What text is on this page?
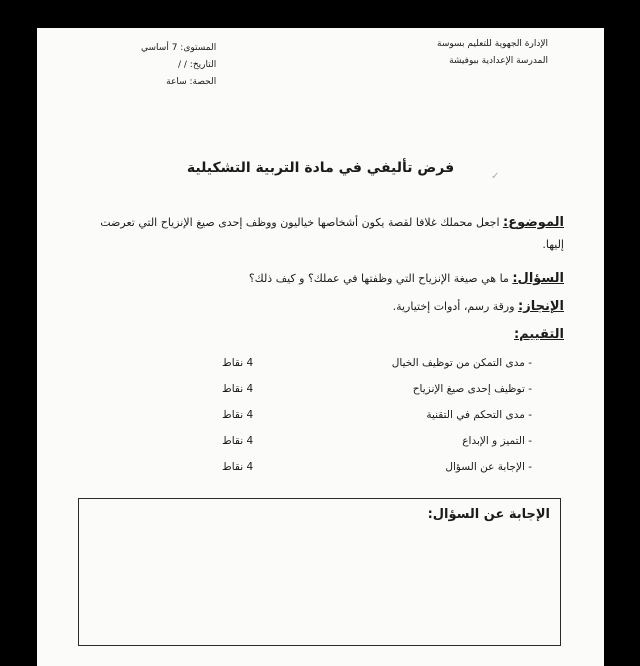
الإدارة الجهوية للتعليم بسوسة
المدرسة الإعدادية ببوفيشة
المستوى: 7 أساسي
التاريخ: / /
الحصة: ساعة
فرض تأليفي في مادة التربية التشكيلية
✓
الموضوع: اجعل محملك غلافا لقصة يكون أشخاصها خياليون ووظف إحدى صيغ الإنزياح التي تعرضت إليها.
السؤال: ما هي صيغة الإنزياح التي وظفتها في عملك؟ و كيف ذلك؟
الإنجاز: ورقة رسم، أدوات إختيارية.
التقييم:
- مدى التمكن من توظيف الخيال
4 نقاط
- توظيف إحدى صيغ الإنزياح
4 نقاط
- مدى التحكم في التقنية
4 نقاط
- التميز و الإبداع
4 نقاط
- الإجابة عن السؤال
4 نقاط
الإجابة عن السؤال:
